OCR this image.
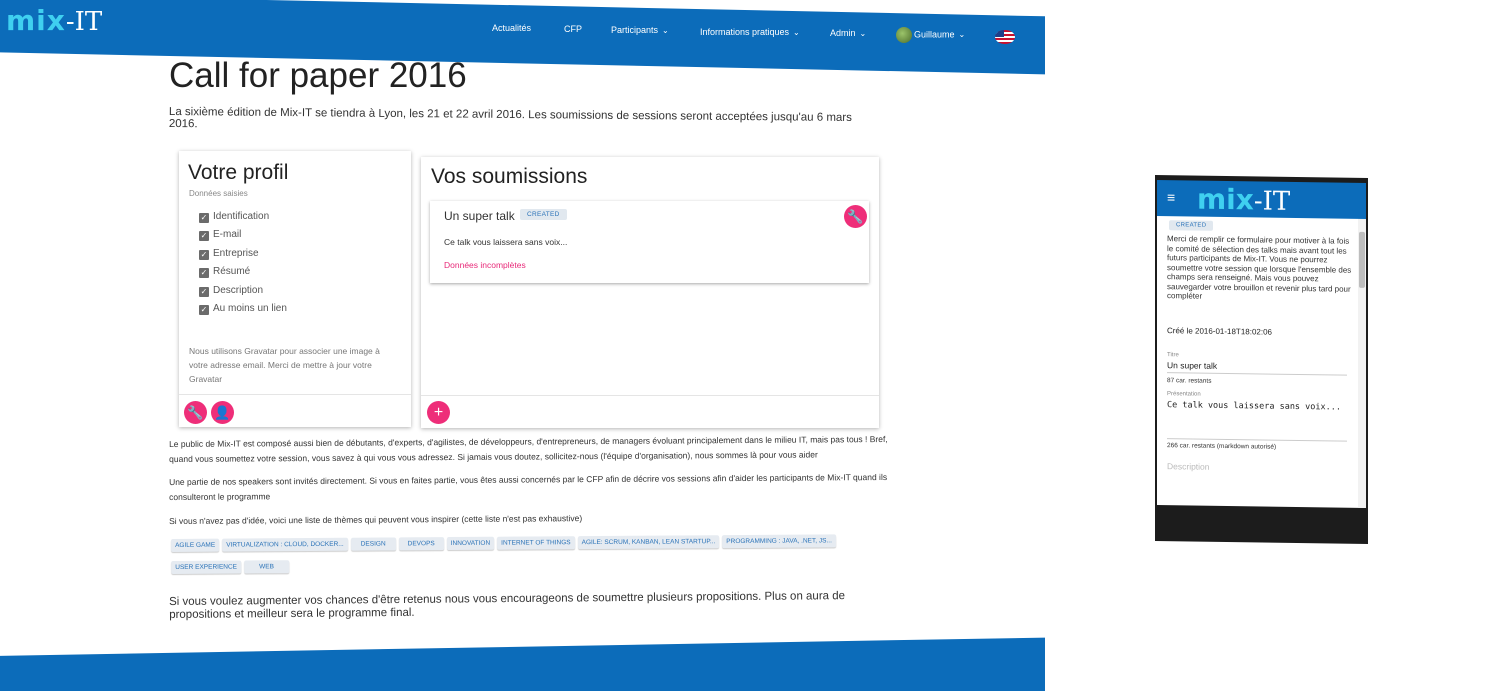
mix-IT	Actualités	CFP	Participants ⌄	Informations pratiques ⌄	Admin ⌄	Guillaume ⌄
Call for paper 2016

La sixième édition de Mix-IT se tiendra à Lyon, les 21 et 22 avril 2016. Les soumissions de sessions seront acceptées jusqu'au 6 mars 2016.

Votre profil
Données saisies
✓ Identification
✓ E-mail
✓ Entreprise
✓ Résumé
✓ Description
✓ Au moins un lien
Nous utilisons Gravatar pour associer une image à votre adresse email. Merci de mettre à jour votre Gravatar
🔧 👤
Vos soumissions
Un super talk	CREATED	🔧
Ce talk vous laissera sans voix...
Données incomplètes
+

Le public de Mix-IT est composé aussi bien de débutants, d'experts, d'agilistes, de développeurs, d'entrepreneurs, de managers évoluant principalement dans le milieu IT, mais pas tous ! Bref, quand vous soumettez votre session, vous savez à qui vous vous adressez. Si jamais vous doutez, sollicitez-nous (l'équipe d'organisation), nous sommes là pour vous aider

Une partie de nos speakers sont invités directement. Si vous en faites partie, vous êtes aussi concernés par le CFP afin de décrire vos sessions afin d'aider les participants de Mix-IT quand ils consulteront le programme

Si vous n'avez pas d'idée, voici une liste de thèmes qui peuvent vous inspirer (cette liste n'est pas exhaustive)

AGILE GAME VIRTUALIZATION : CLOUD, DOCKER...	DESIGN	DEVOPS INNOVATION INTERNET OF THINGS AGILE: SCRUM, KANBAN, LEAN STARTUP... PROGRAMMING : JAVA, .NET, JS...
USER EXPERIENCE	WEB

Si vous voulez augmenter vos chances d'être retenus nous vous encourageons de soumettre plusieurs propositions. Plus on aura de propositions et meilleur sera le programme final.

CREATED
Merci de remplir ce formulaire pour motiver à la fois le comité de sélection des talks mais avant tout les futurs participants de Mix-IT. Vous ne pourrez soumettre votre session que lorsque l'ensemble des champs sera renseigné. Mais vous pouvez sauvegarder votre brouillon et revenir plus tard pour compléter
Créé le 2016-01-18T18:02:06
Titre
Un super talk
87 car. restants
Présentation
Ce talk vous laissera sans voix...
266 car. restants (markdown autorisé)
Description
≡ mix-IT
